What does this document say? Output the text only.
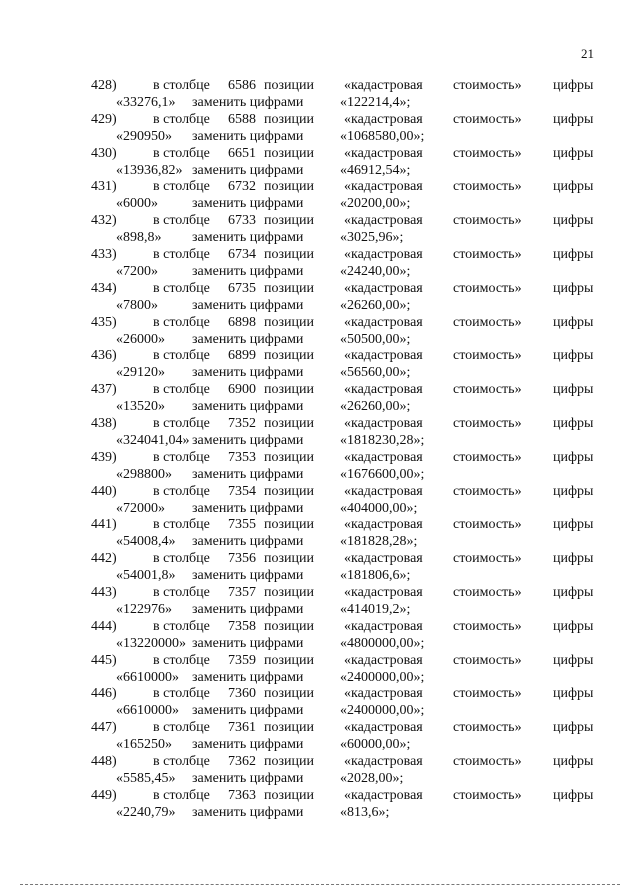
21
428)	в столбце 6586 позиции «кадастровая стоимость» цифры
«33276,1» заменить цифрами	«122214,4»;
429)	в столбце 6588 позиции «кадастровая стоимость» цифры
«290950» заменить цифрами	«1068580,00»;
430)	в столбце 6651 позиции «кадастровая стоимость» цифры
«13936,82» заменить цифрами	«46912,54»;
431)	в столбце 6732 позиции «кадастровая стоимость» цифры
«6000» заменить цифрами	«20200,00»;
432)	в столбце 6733 позиции «кадастровая стоимость» цифры
«898,8» заменить цифрами	«3025,96»;
433)	в столбце 6734 позиции «кадастровая стоимость» цифры
«7200» заменить цифрами	«24240,00»;
434)	в столбце 6735 позиции «кадастровая стоимость» цифры
«7800» заменить цифрами	«26260,00»;
435)	в столбце 6898 позиции «кадастровая стоимость» цифры
«26000» заменить цифрами	«50500,00»;
436)	в столбце 6899 позиции «кадастровая стоимость» цифры
«29120» заменить цифрами	«56560,00»;
437)	в столбце 6900 позиции «кадастровая стоимость» цифры
«13520» заменить цифрами	«26260,00»;
438)	в столбце 7352 позиции «кадастровая стоимость» цифры
«324041,04» заменить цифрами	«1818230,28»;
439)	в столбце 7353 позиции «кадастровая стоимость» цифры
«298800» заменить цифрами	«1676600,00»;
440)	в столбце 7354 позиции «кадастровая стоимость» цифры
«72000» заменить цифрами	«404000,00»;
441)	в столбце 7355 позиции «кадастровая стоимость» цифры
«54008,4» заменить цифрами	«181828,28»;
442)	в столбце 7356 позиции «кадастровая стоимость» цифры
«54001,8» заменить цифрами	«181806,6»;
443)	в столбце 7357 позиции «кадастровая стоимость» цифры
«122976» заменить цифрами	«414019,2»;
444)	в столбце 7358 позиции «кадастровая стоимость» цифры
«13220000» заменить цифрами	«4800000,00»;
445)	в столбце 7359 позиции «кадастровая стоимость» цифры
«6610000» заменить цифрами	«2400000,00»;
446)	в столбце 7360 позиции «кадастровая стоимость» цифры
«6610000» заменить цифрами	«2400000,00»;
447)	в столбце 7361 позиции «кадастровая стоимость» цифры
«165250» заменить цифрами	«60000,00»;
448)	в столбце 7362 позиции «кадастровая стоимость» цифры
«5585,45» заменить цифрами	«2028,00»;
449)	в столбце 7363 позиции «кадастровая стоимость» цифры
«2240,79» заменить цифрами	«813,6»;
